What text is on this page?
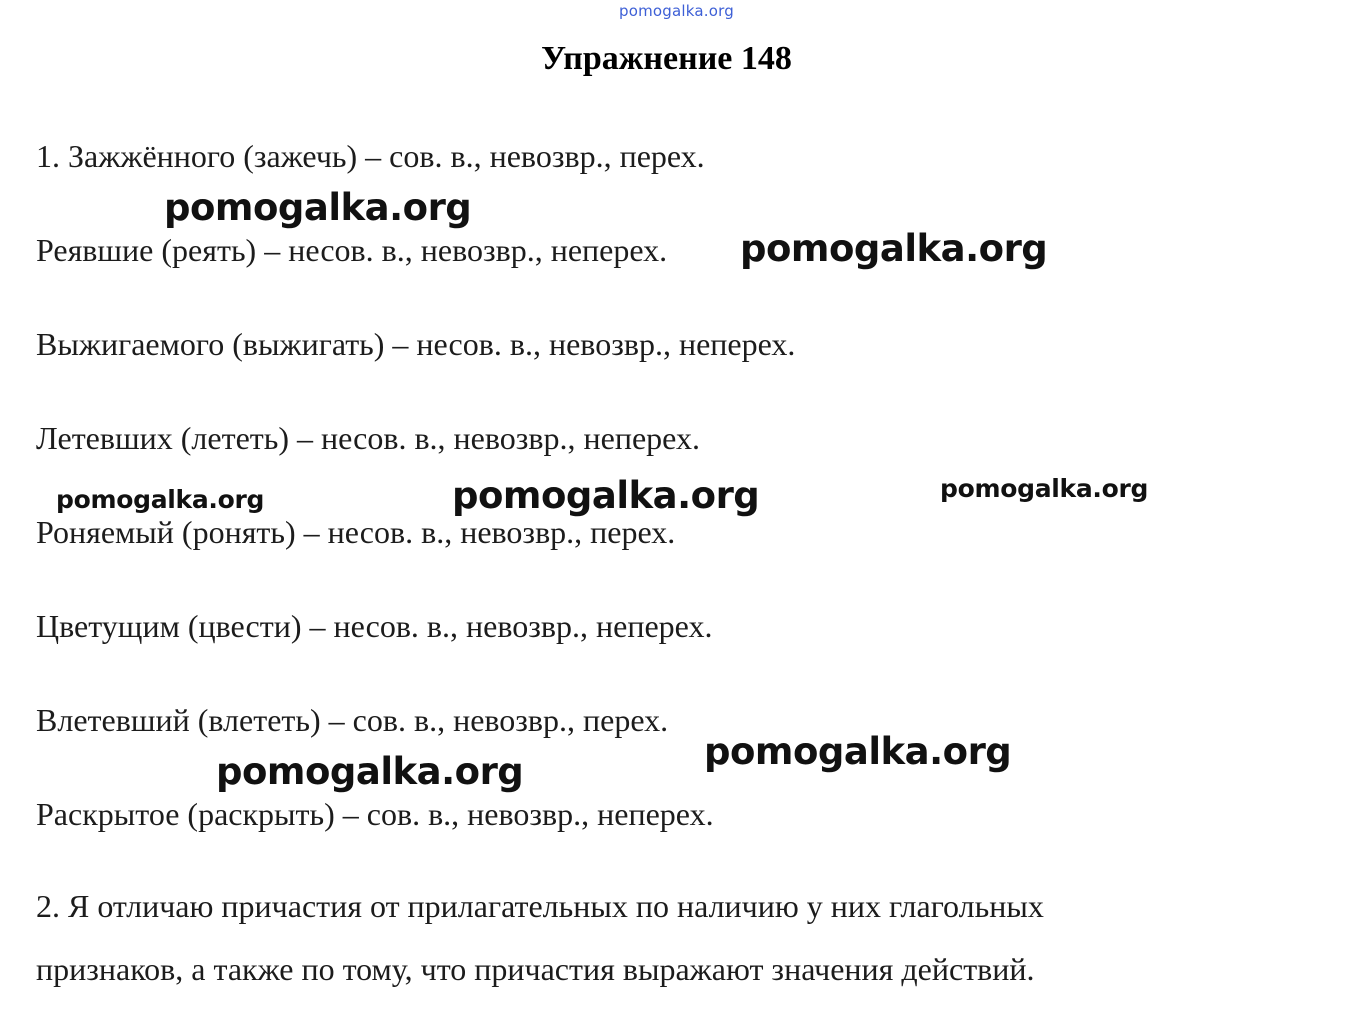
pomogalka.org
Упражнение 148
1. Зажжённого (зажечь) – сов. в., невозвр., перех.
Реявшие (реять) – несов. в., невозвр., неперех.
Выжигаемого (выжигать) – несов. в., невозвр., неперех.
Летевших (лететь) – несов. в., невозвр., неперех.
Роняемый (ронять) – несов. в., невозвр., перех.
Цветущим (цвести) – несов. в., невозвр., неперех.
Влетевший (влететь) – сов. в., невозвр., перех.
Раскрытое (раскрыть) – сов. в., невозвр., неперех.
2. Я отличаю причастия от прилагательных по наличию у них глагольных
признаков, а также по тому, что причастия выражают значения действий.
pomogalka.org
pomogalka.org
pomogalka.org	pomogalka.org	pomogalka.org
pomogalka.org
pomogalka.org
